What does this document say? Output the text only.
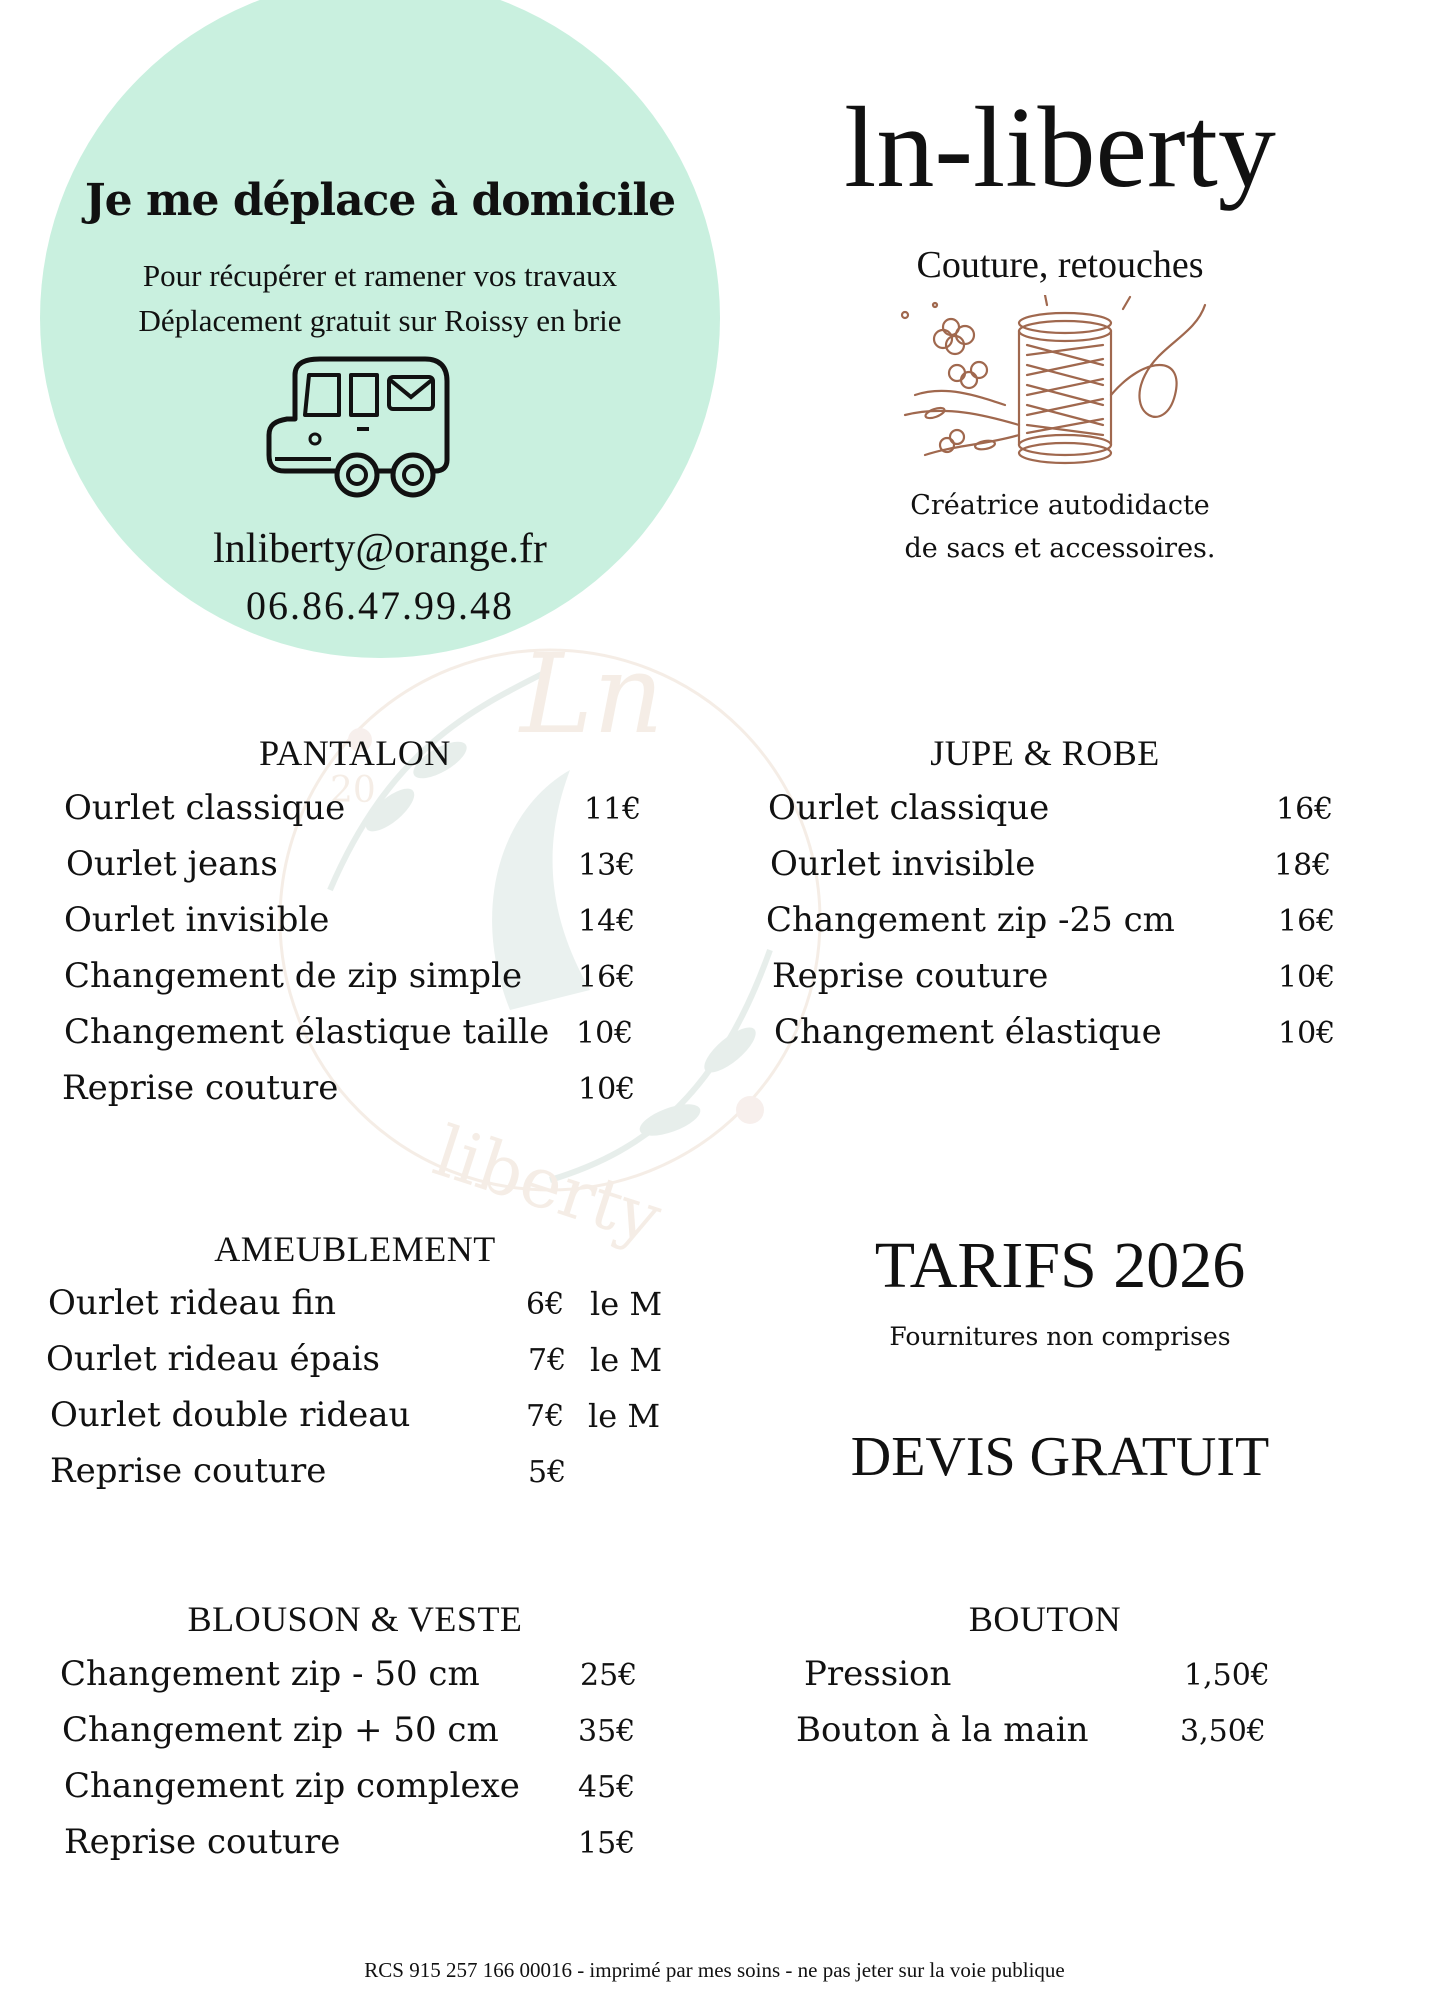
Ln
20
liberty
Je me déplace à domicile
Pour récupérer et ramener vos travaux
Déplacement gratuit sur Roissy en brie
lnliberty@orange.fr
06.86.47.99.48
ln-liberty
Couture, retouches
Créatrice autodidacte
de sacs et accessoires.
PANTALON
Ourlet classique	11€
Ourlet jeans	13€
Ourlet invisible	14€
Changement de zip simple 16€
Changement élastique taille 10€
Reprise couture	10€
JUPE & ROBE
Ourlet classique	16€
Ourlet invisible	18€
Changement zip -25 cm	16€
Reprise couture	10€
Changement élastique	10€
AMEUBLEMENT
Ourlet rideau fin	6€ le M
Ourlet rideau épais	7€ le M
Ourlet double rideau	7€ le M
Reprise couture	5€
TARIFS 2026
Fournitures non comprises
DEVIS GRATUIT
BLOUSON & VESTE
Changement zip - 50 cm	25€
Changement zip + 50 cm	35€
Changement zip complexe 45€
Reprise couture	15€
BOUTON
Pression	1,50€
Bouton à la main	3,50€
RCS 915 257 166 00016 - imprimé par mes soins - ne pas jeter sur la voie publique
